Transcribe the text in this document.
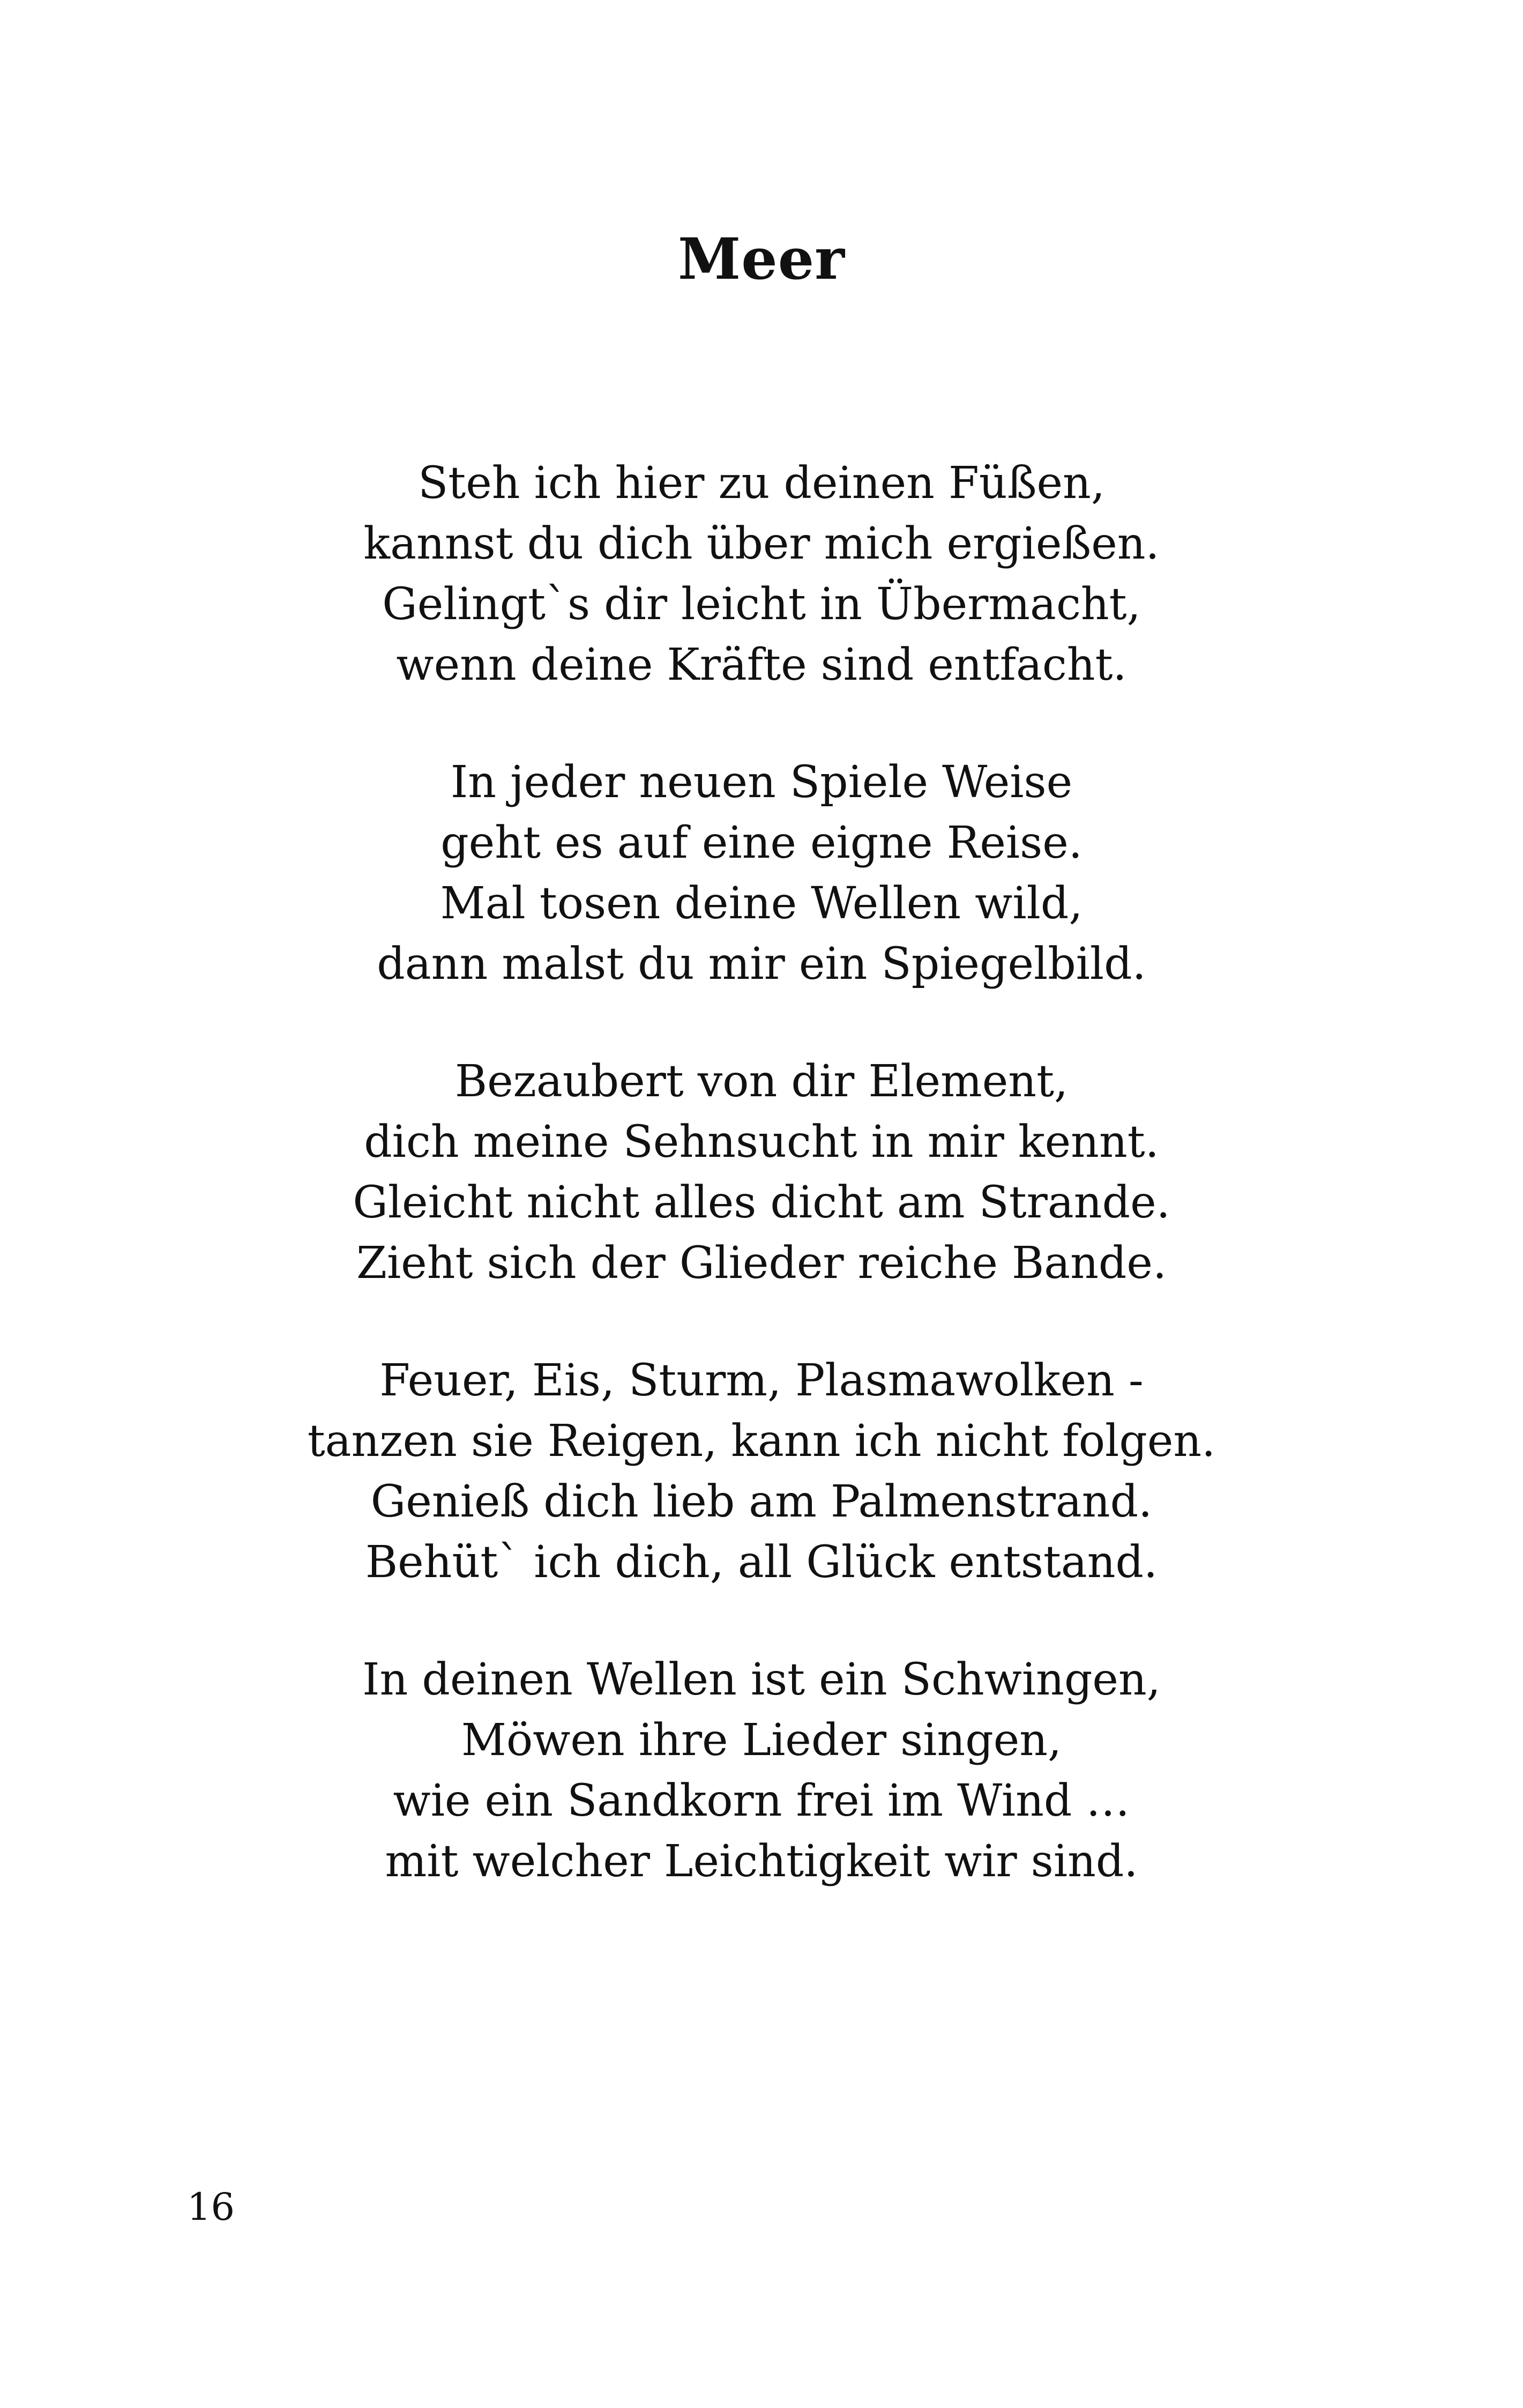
Meer
Steh ich hier zu deinen Füßen,
kannst du dich über mich ergießen.
Gelingt`s dir leicht in Übermacht,
wenn deine Kräfte sind entfacht.
In jeder neuen Spiele Weise
geht es auf eine eigne Reise.
Mal tosen deine Wellen wild,
dann malst du mir ein Spiegelbild.
Bezaubert von dir Element,
dich meine Sehnsucht in mir kennt.
Gleicht nicht alles dicht am Strande.
Zieht sich der Glieder reiche Bande.
Feuer, Eis, Sturm, Plasmawolken -
tanzen sie Reigen, kann ich nicht folgen.
Genieß dich lieb am Palmenstrand.
Behüt` ich dich, all Glück entstand.
In deinen Wellen ist ein Schwingen,
Möwen ihre Lieder singen,
wie ein Sandkorn frei im Wind …
mit welcher Leichtigkeit wir sind.
16
